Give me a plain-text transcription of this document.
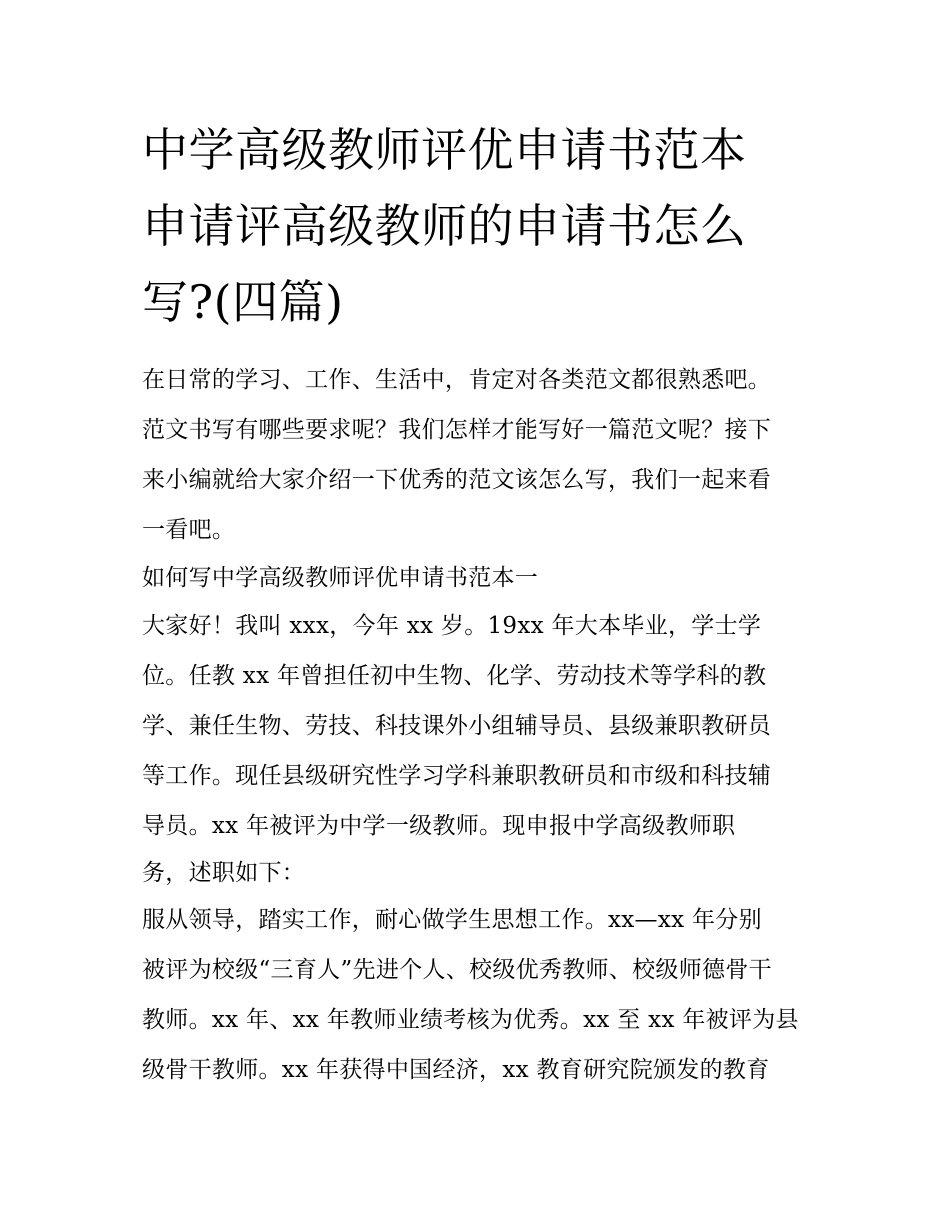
中学高级教师评优申请书范本
申请评高级教师的申请书怎么
写?(四篇)

在日常的学习、工作、生活中，肯定对各类范文都很熟悉吧。

范文书写有哪些要求呢？我们怎样才能写好一篇范文呢？接下

来小编就给大家介绍一下优秀的范文该怎么写，我们一起来看

一看吧。

如何写中学高级教师评优申请书范本一

大家好！我叫 xxx，今年 xx 岁。19xx 年大本毕业，学士学

位。任教 xx 年曾担任初中生物、化学、劳动技术等学科的教

学、兼任生物、劳技、科技课外小组辅导员、县级兼职教研员

等工作。现任县级研究性学习学科兼职教研员和市级和科技辅

导员。xx 年被评为中学一级教师。现申报中学高级教师职

务，述职如下：

服从领导，踏实工作，耐心做学生思想工作。xx—xx 年分别

被评为校级“三育人”先进个人、校级优秀教师、校级师德骨干

教师。xx 年、xx 年教师业绩考核为优秀。xx 至 xx 年被评为县

级骨干教师。xx 年获得中国经济，xx 教育研究院颁发的教育
